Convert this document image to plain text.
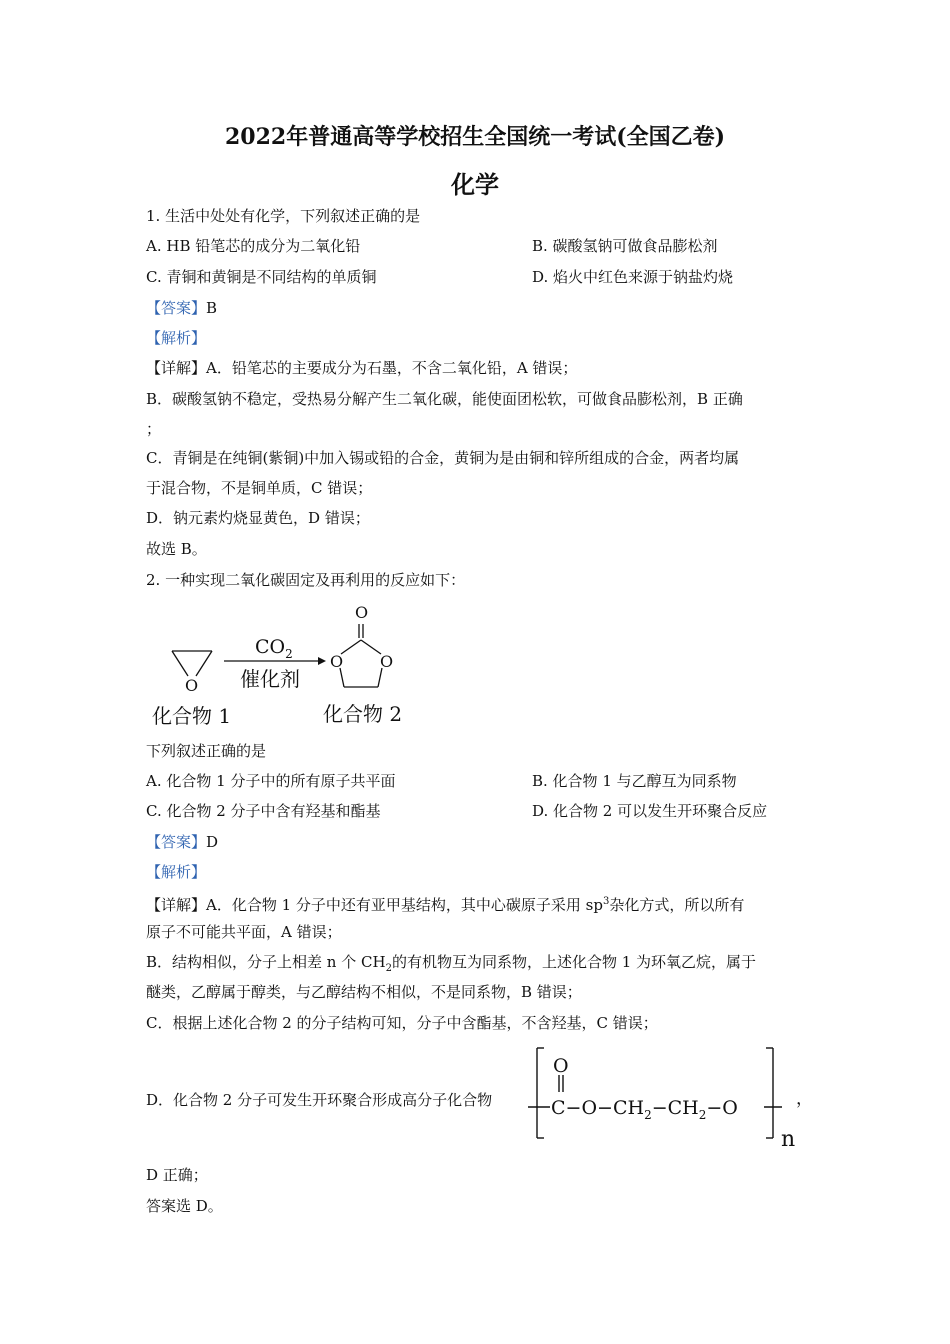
2022年普通高等学校招生全国统一考试(全国乙卷)
化学
1. 生活中处处有化学，下列叙述正确的是
A. HB 铅笔芯的成分为二氧化铅	B. 碳酸氢钠可做食品膨松剂
C. 青铜和黄铜是不同结构的单质铜	D. 焰火中红色来源于钠盐灼烧
【答案】B
【解析】
【详解】A．铅笔芯的主要成分为石墨，不含二氧化铅，A 错误；
B．碳酸氢钠不稳定，受热易分解产生二氧化碳，能使面团松软，可做食品膨松剂，B 正确
；
C．青铜是在纯铜(紫铜)中加入锡或铅的合金，黄铜为是由铜和锌所组成的合金，两者均属
于混合物，不是铜单质，C 错误；
D．钠元素灼烧显黄色，D 错误；
故选 B。
2. 一种实现二氧化碳固定及再利用的反应如下：
O
$CO_2$
催化剂
O
O O
化合物 1	化合物 2
下列叙述正确的是
A. 化合物 1 分子中的所有原子共平面	B. 化合物 1 与乙醇互为同系物
C. 化合物 2 分子中含有羟基和酯基	D. 化合物 2 可以发生开环聚合反应
【答案】D
【解析】
【详解】A．化合物 1 分子中还有亚甲基结构，其中心碳原子采用 $sp^3$杂化方式，所以所有
原子不可能共平面，A 错误；
B．结构相似，分子上相差 n 个 $CH_2$的有机物互为同系物，上述化合物 1 为环氧乙烷，属于
醚类，乙醇属于醇类，与乙醇结构不相似，不是同系物，B 错误；
C．根据上述化合物 2 的分子结构可知，分子中含酯基，不含羟基，C 错误；
D．化合物 2 分子可发生开环聚合形成高分子化合物
O
$C-O-CH_2-CH_2-O$
n
，
D 正确；
答案选 D。
